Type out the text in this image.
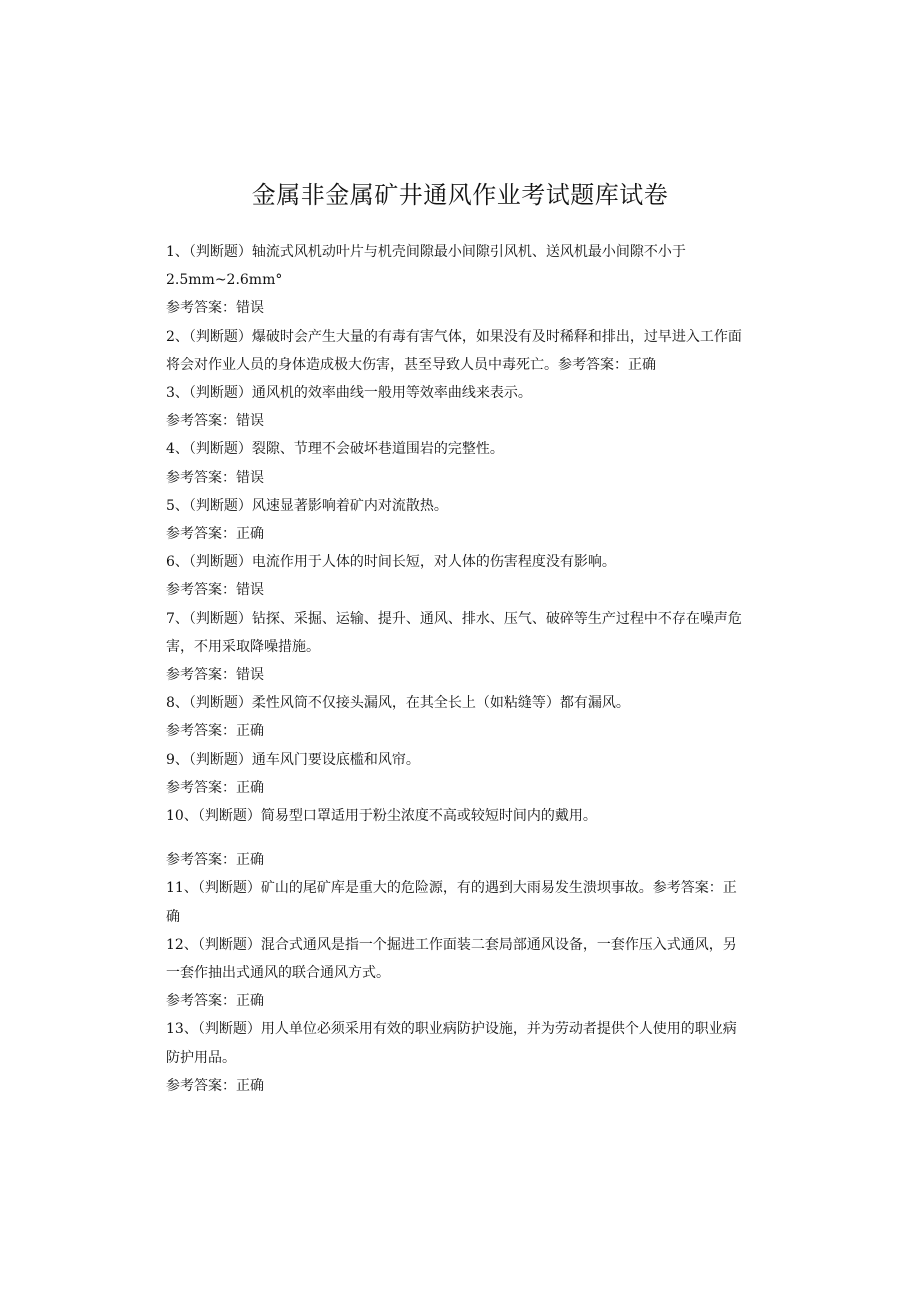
金属非金属矿井通风作业考试题库试卷

1、（判断题）轴流式风机动叶片与机壳间隙最小间隙引风机、送风机最小间隙不小于 2.5mm~2.6mm°

参考答案：错误

2、（判断题）爆破时会产生大量的有毒有害气体，如果没有及时稀释和排出，过早进入工作面将会对作业人员的身体造成极大伤害，甚至导致人员中毒死亡。参考答案：正确

3、（判断题）通风机的效率曲线一般用等效率曲线来表示。

参考答案：错误

4、（判断题）裂隙、节理不会破坏巷道围岩的完整性。

参考答案：错误

5、（判断题）风速显著影响着矿内对流散热。

参考答案：正确

6、（判断题）电流作用于人体的时间长短，对人体的伤害程度没有影响。

参考答案：错误

7、（判断题）钻探、采掘、运输、提升、通风、排水、压气、破碎等生产过程中不存在噪声危害，不用采取降噪措施。

参考答案：错误

8、（判断题）柔性风筒不仅接头漏风，在其全长上（如粘缝等）都有漏风。

参考答案：正确

9、（判断题）通车风门要设底槛和风帘。

参考答案：正确

10、（判断题）简易型口罩适用于粉尘浓度不高或较短时间内的戴用。

参考答案：正确

11、（判断题）矿山的尾矿库是重大的危险源，有的遇到大雨易发生溃坝事故。参考答案：正确

12、（判断题）混合式通风是指一个掘进工作面装二套局部通风设备，一套作压入式通风，另一套作抽出式通风的联合通风方式。

参考答案：正确

13、（判断题）用人单位必须采用有效的职业病防护设施，并为劳动者提供个人使用的职业病防护用品。

参考答案：正确
